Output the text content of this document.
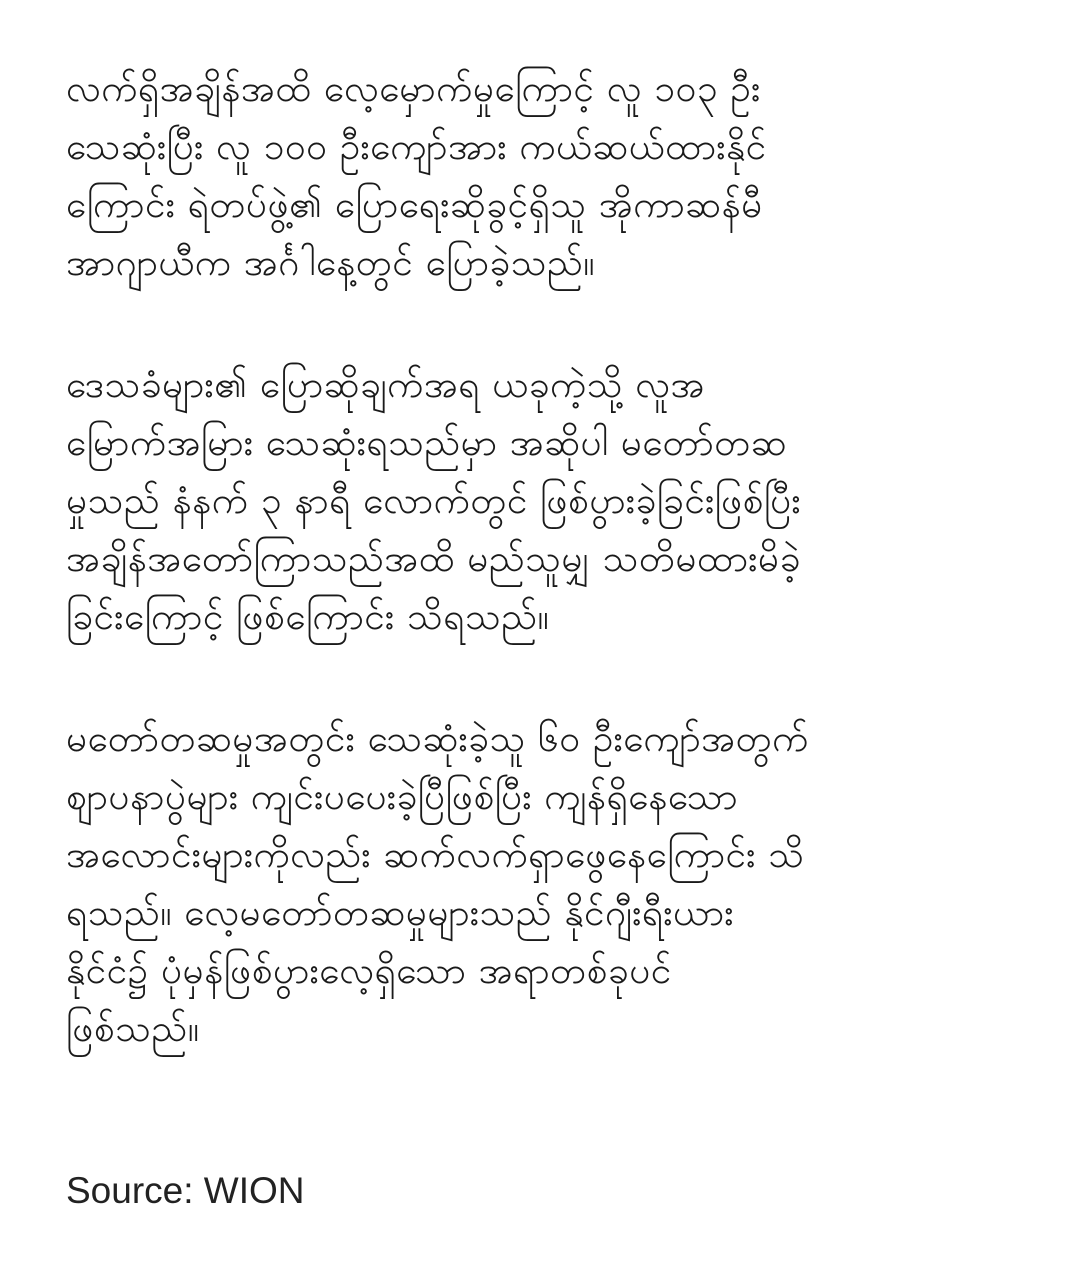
လက်ရှိအချိန်အထိ လေ့မှောက်မှုကြောင့် လူ ၁၀၃ ဦး
သေဆုံးပြီး လူ ၁၀၀ ဦးကျော်အား ကယ်ဆယ်ထားနိုင်
ကြောင်း ရဲတပ်ဖွဲ့၏ ပြောရေးဆိုခွင့်ရှိသူ အိုကာဆန်မီ
အာဂျာယီက အင်္ဂါနေ့တွင် ပြောခဲ့သည်။
ဒေသခံများ၏ ပြောဆိုချက်အရ ယခုကဲ့သို့ လူအ
မြောက်အမြား သေဆုံးရသည်မှာ အဆိုပါ မတော်တဆ
မှုသည် နံနက် ၃ နာရီ လောက်တွင် ဖြစ်ပွားခဲ့ခြင်းဖြစ်ပြီး
အချိန်အတော်ကြာသည်အထိ မည်သူမျှ သတိမထားမိခဲ့
ခြင်းကြောင့် ဖြစ်ကြောင်း သိရသည်။
မတော်တဆမှုအတွင်း သေဆုံးခဲ့သူ ၆၀ ဦးကျော်အတွက်
စျာပနာပွဲများ ကျင်းပပေးခဲ့ပြီဖြစ်ပြီး ကျန်ရှိနေသော
အလောင်းများကိုလည်း ဆက်လက်ရှာဖွေနေကြောင်း သိ
ရသည်။ လေ့မတော်တဆမှုများသည် နိုင်ဂျီးရီးယား
နိုင်ငံ၌ ပုံမှန်ဖြစ်ပွားလေ့ရှိသော အရာတစ်ခုပင်
ဖြစ်သည်။
Source: WION
